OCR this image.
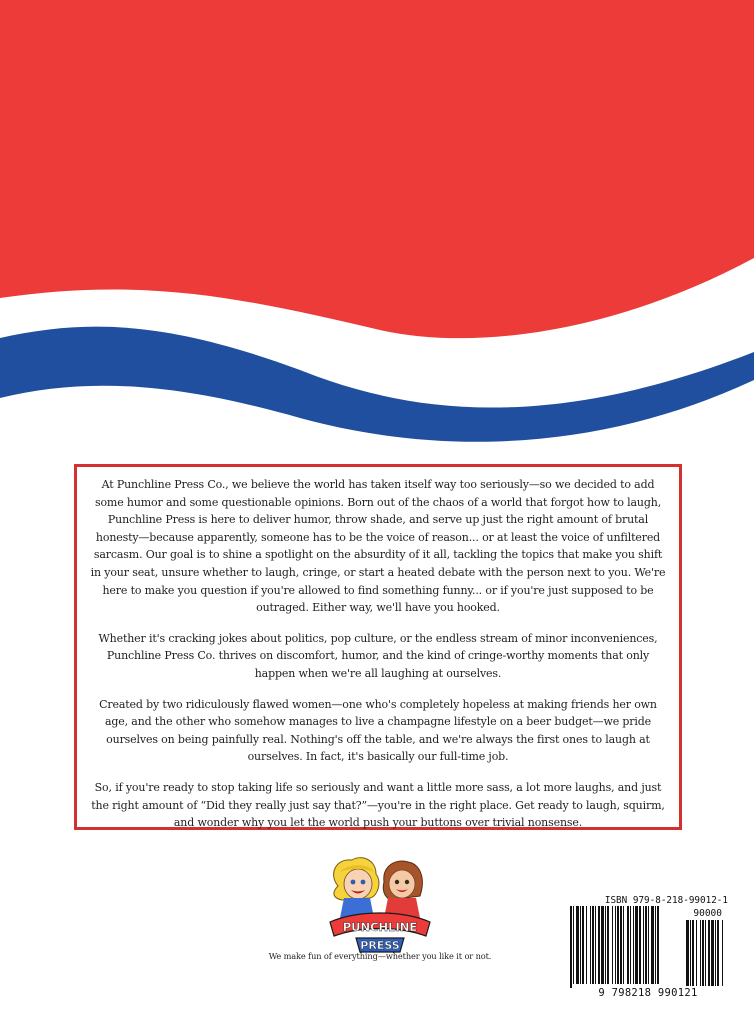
At Punchline Press Co., we believe the world has taken itself way too seriously—so we decided to add some humor and some questionable opinions. Born out of the chaos of a world that forgot how to laugh, Punchline Press is here to deliver humor, throw shade, and serve up just the right amount of brutal honesty—because apparently, someone has to be the voice of reason... or at least the voice of unfiltered sarcasm. Our goal is to shine a spotlight on the absurdity of it all, tackling the topics that make you shift in your seat, unsure whether to laugh, cringe, or start a heated debate with the person next to you. We're here to make you question if you're allowed to find something funny... or if you're just supposed to be outraged. Either way, we'll have you hooked.

Whether it's cracking jokes about politics, pop culture, or the endless stream of minor inconveniences, Punchline Press Co. thrives on discomfort, humor, and the kind of cringe-worthy moments that only happen when we're all laughing at ourselves.

Created by two ridiculously flawed women—one who's completely hopeless at making friends her own age, and the other who somehow manages to live a champagne lifestyle on a beer budget—we pride ourselves on being painfully real. Nothing's off the table, and we're always the first ones to laugh at ourselves. In fact, it's basically our full-time job.

So, if you're ready to stop taking life so seriously and want a little more sass, a lot more laughs, and just the right amount of “Did they really just say that?”—you're in the right place. Get ready to laugh, squirm, and wonder why you let the world push your buttons over trivial nonsense.

PUNCHLINE
PRESS
We make fun of everything—whether you like it or not.
ISBN 979-8-218-99012-1
90000
9 798218 990121
